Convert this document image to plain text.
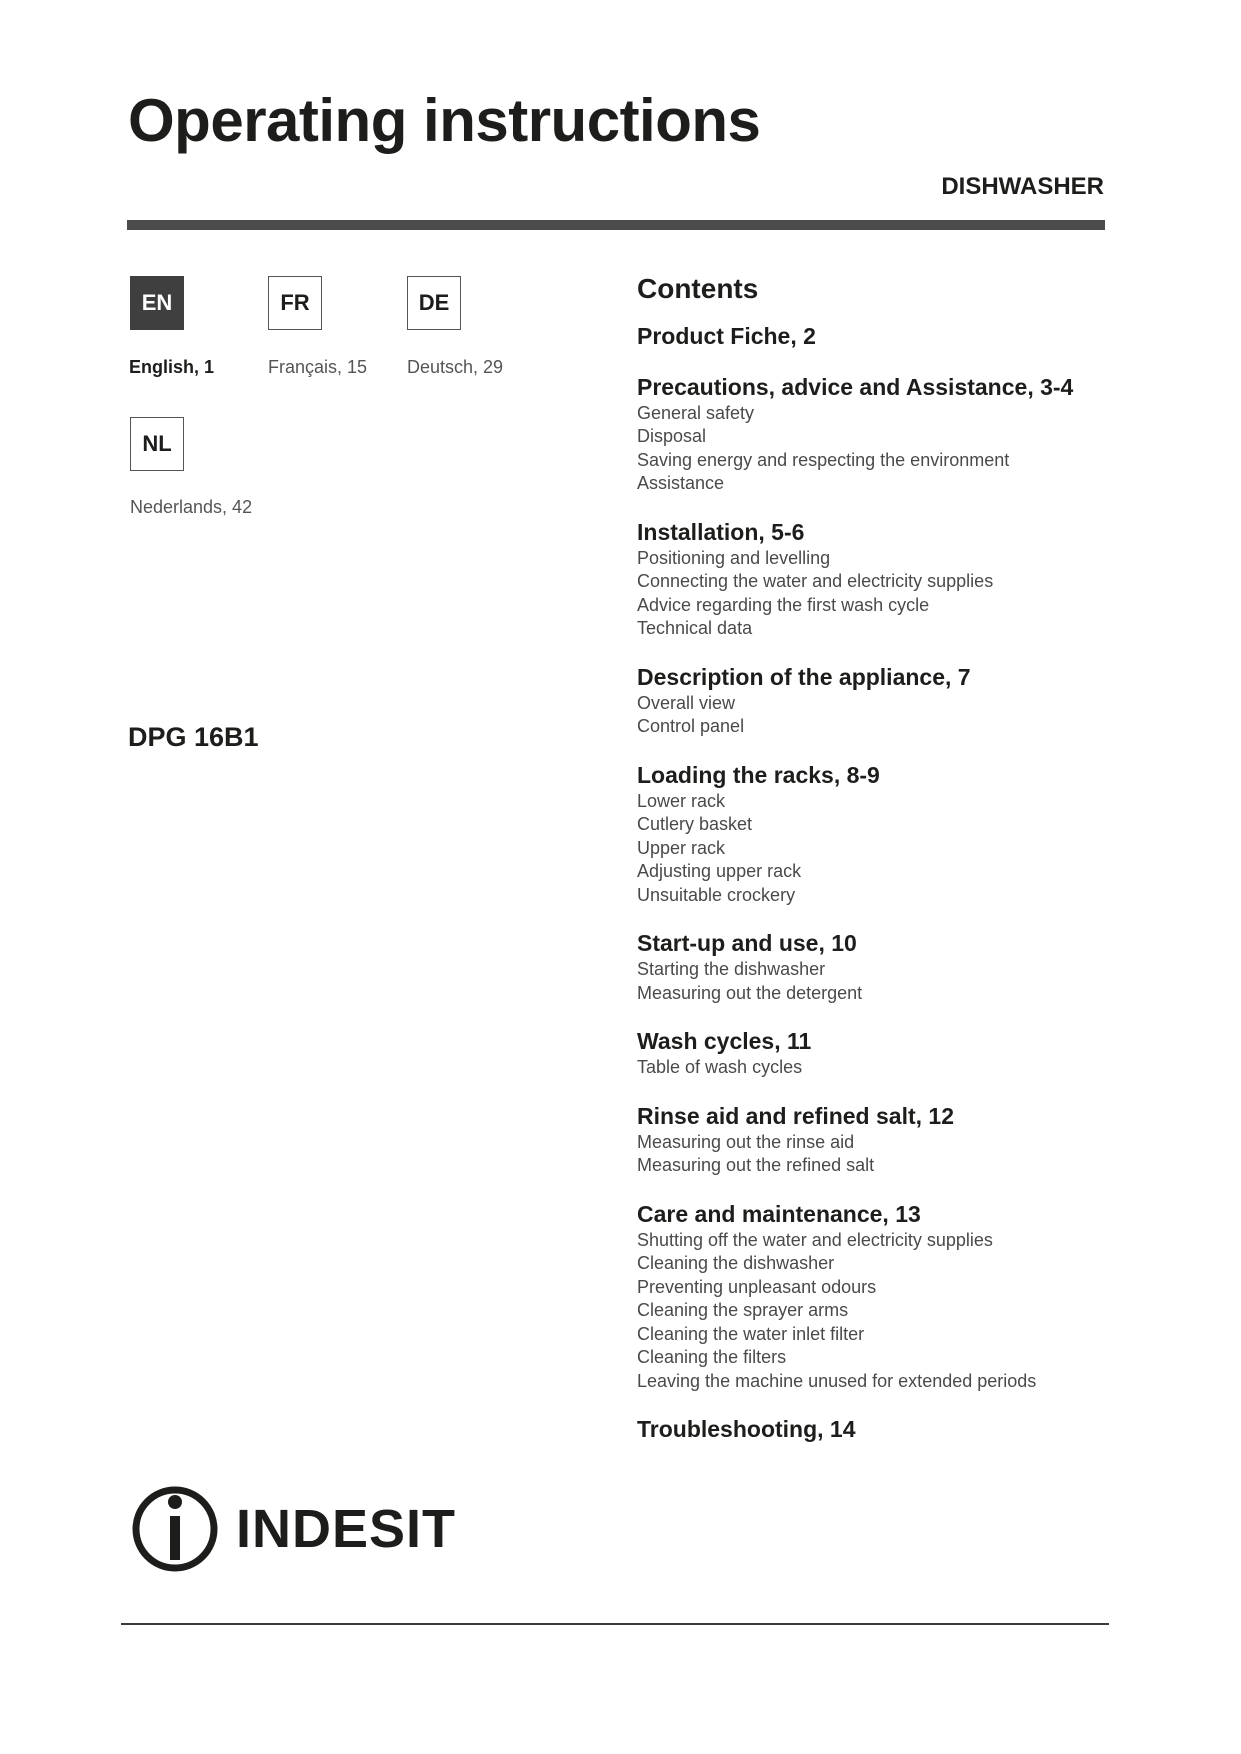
Operating instructions
DISHWASHER
EN
English, 1
FR
Français, 15
DE
Deutsch, 29
NL
Nederlands, 42
DPG 16B1
Contents
Product Fiche, 2
Precautions, advice and Assistance, 3-4
General safety
Disposal
Saving energy and respecting the environment
Assistance
Installation, 5-6
Positioning and levelling
Connecting the water and electricity supplies
Advice regarding the first wash cycle
Technical data
Description of the appliance, 7
Overall view
Control panel
Loading the racks, 8-9
Lower rack
Cutlery basket
Upper rack
Adjusting upper rack
Unsuitable crockery
Start-up and use, 10
Starting the dishwasher
Measuring out the detergent
Wash cycles, 11
Table of wash cycles
Rinse aid and refined salt, 12
Measuring out the rinse aid
Measuring out the refined salt
Care and maintenance, 13
Shutting off the water and electricity supplies
Cleaning the dishwasher
Preventing unpleasant odours
Cleaning the sprayer arms
Cleaning the water inlet filter
Cleaning the filters
Leaving the machine unused for extended periods
Troubleshooting, 14
INDESIT
